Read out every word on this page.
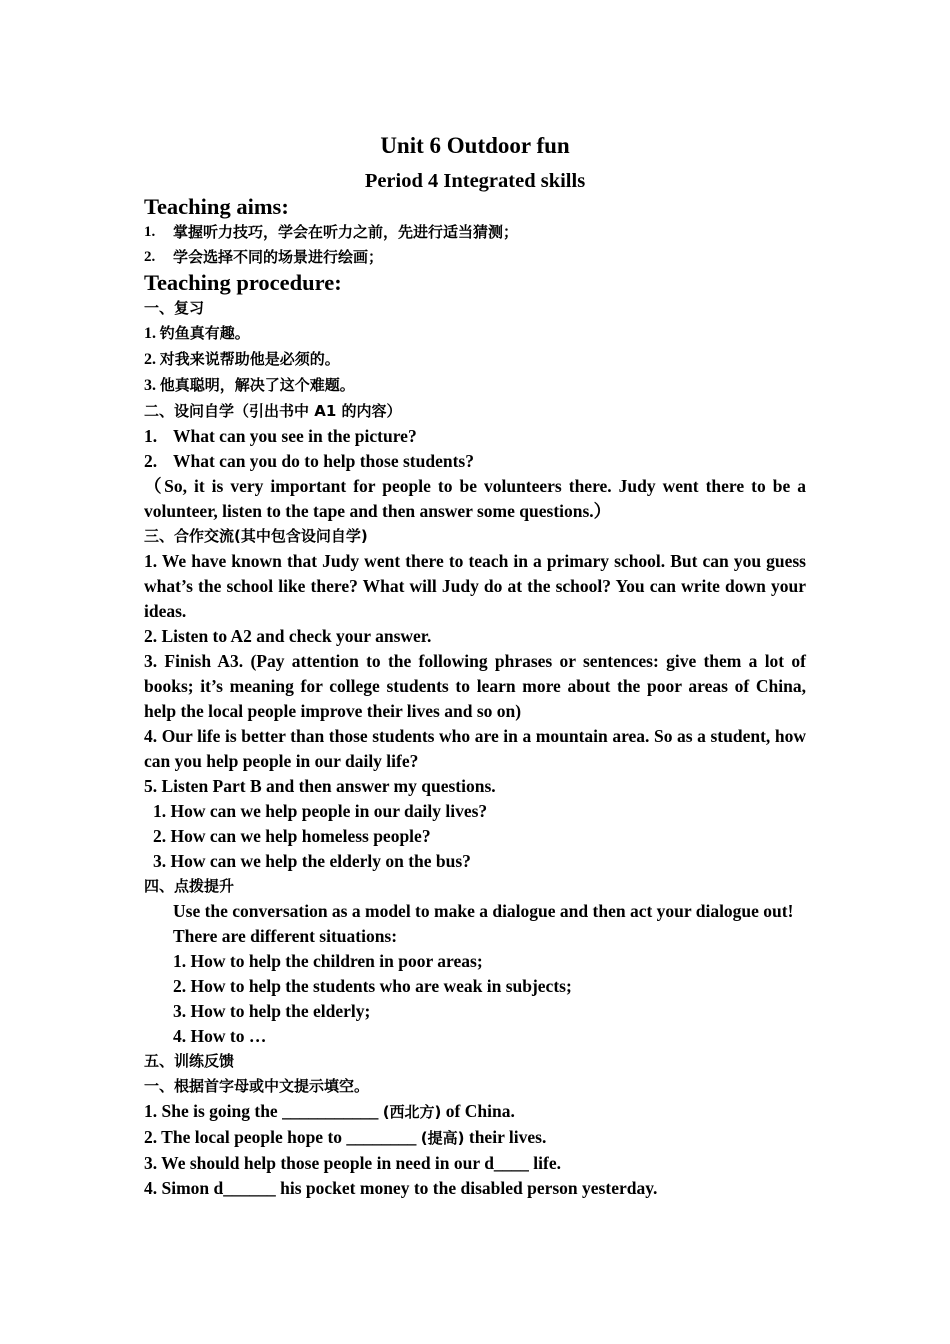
Unit 6 Outdoor fun
Period 4 Integrated skills
Teaching aims:
1.	掌握听力技巧，学会在听力之前，先进行适当猜测；
2.	学会选择不同的场景进行绘画；
Teaching procedure:
一、复习
1. 钓鱼真有趣。
2. 对我来说帮助他是必须的。
3. 他真聪明，解决了这个难题。
二、设问自学（引出书中 A1 的内容）
1. What can you see in the picture?
2. What can you do to help those students?
（So, it is very important for people to be volunteers there. Judy went there to be a volunteer, listen to the tape and then answer some questions.）
三、合作交流(其中包含设问自学)
1. We have known that Judy went there to teach in a primary school. But can you guess what’s the school like there? What will Judy do at the school? You can write down your ideas.
2. Listen to A2 and check your answer.
3. Finish A3. (Pay attention to the following phrases or sentences: give them a lot of books; it’s meaning for college students to learn more about the poor areas of China, help the local people improve their lives and so on)
4. Our life is better than those students who are in a mountain area. So as a student, how can you help people in our daily life?
5. Listen Part B and then answer my questions.
1. How can we help people in our daily lives?
2. How can we help homeless people?
3. How can we help the elderly on the bus?
四、点拨提升
Use the conversation as a model to make a dialogue and then act your dialogue out!
There are different situations:
1. How to help the children in poor areas;
2. How to help the students who are weak in subjects;
3. How to help the elderly;
4. How to …
五、训练反馈
一、根据首字母或中文提示填空。
1. She is going the ___________ (西北方) of China.
2. The local people hope to ________ (提高) their lives.
3. We should help those people in need in our d____ life.
4. Simon d______ his pocket money to the disabled person yesterday.
